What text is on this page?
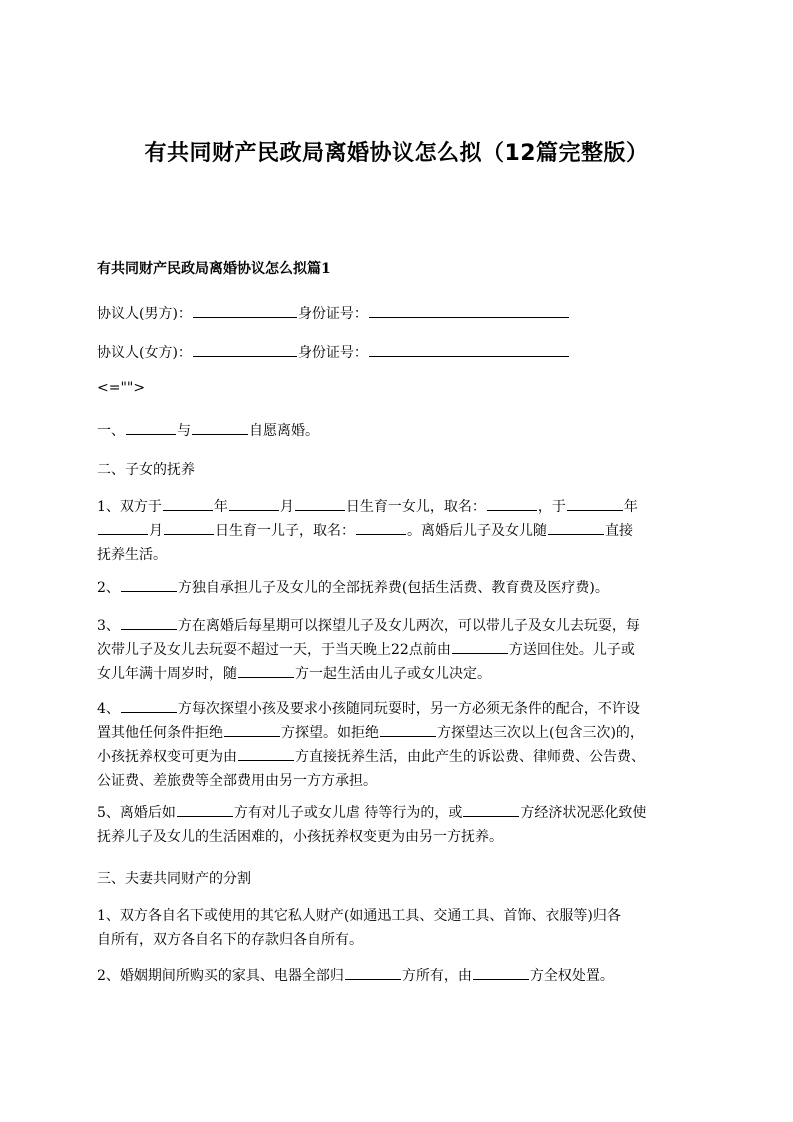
有共同财产民政局离婚协议怎么拟（12篇完整版）
有共同财产民政局离婚协议怎么拟篇1
协议人(男方)：	身份证号：
协议人(女方)：	身份证号：
<="">
一、	与	自愿离婚。
二、子女的抚养
1、双方于	年	月	日生育一女儿，取名：	，于	年
月	日生育一儿子，取名：	。离婚后儿子及女儿随	直接
抚养生活。
2、	方独自承担儿子及女儿的全部抚养费(包括生活费、教育费及医疗费)。
3、	方在离婚后每星期可以探望儿子及女儿两次，可以带儿子及女儿去玩耍，每
次带儿子及女儿去玩耍不超过一天，于当天晚上22点前由	方送回住处。儿子或
女儿年满十周岁时，随	方一起生活由儿子或女儿决定。
4、	方每次探望小孩及要求小孩随同玩耍时，另一方必须无条件的配合，不许设
置其他任何条件拒绝	方探望。如拒绝	方探望达三次以上(包含三次)的，
小孩抚养权变可更为由	方直接抚养生活，由此产生的诉讼费、律师费、公告费、
公证费、差旅费等全部费用由另一方方承担。
5、离婚后如	方有对儿子或女儿虐 待等行为的，或	方经济状况恶化致使
抚养儿子及女儿的生活困难的，小孩抚养权变更为由另一方抚养。
三、夫妻共同财产的分割
1、双方各自名下或使用的其它私人财产(如通迅工具、交通工具、首饰、衣服等)归各
自所有，双方各自名下的存款归各自所有。
2、婚姻期间所购买的家具、电器全部归	方所有，由	方全权处置。
